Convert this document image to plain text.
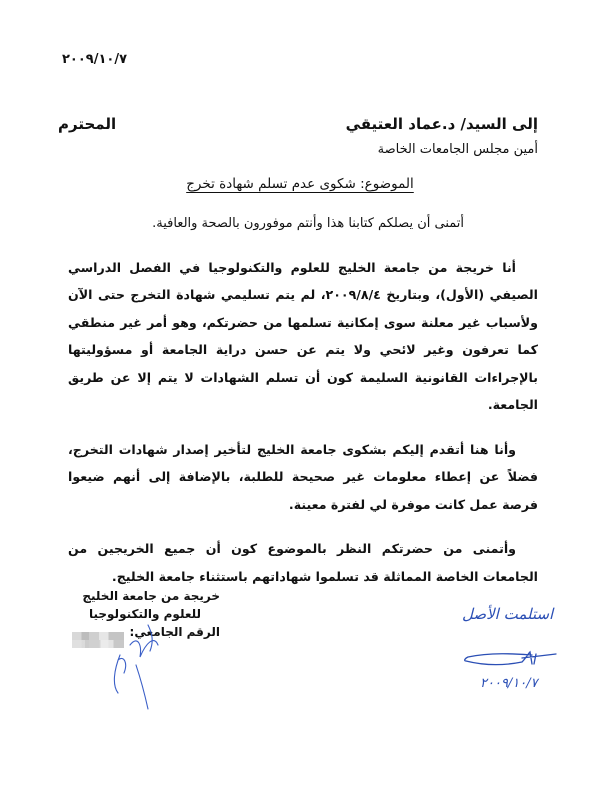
٢٠٠٩/١٠/٧
إلى السيد/ د.عماد العتيقي
المحترم
أمين مجلس الجامعات الخاصة
الموضوع: شكوى عدم تسلم شهادة تخرج

أتمنى أن يصلكم كتابنا هذا وأنتم موفورون بالصحة والعافية.

أنا خريجة من جامعة الخليج للعلوم والتكنولوجيا في الفصل الدراسي الصيفي (الأول)، وبتاريخ ٢٠٠٩/٨/٤، لم يتم تسليمي شهادة التخرج حتى الآن ولأسباب غير معلنة سوى إمكانية تسلمها من حضرتكم، وهو أمر غير منطقي كما تعرفون وغير لائحي ولا يتم عن حسن دراية الجامعة أو مسؤوليتها بالإجراءات القانونية السليمة كون أن تسلم الشهادات لا يتم إلا عن طريق الجامعة.

وأنا هنا أتقدم إليكم بشكوى جامعة الخليج لتأخير إصدار شهادات التخرج، فضلاً عن إعطاء معلومات غير صحيحة للطلبة، بالإضافة إلى أنهم ضيعوا فرصة عمل كانت موفرة لي لفترة معينة.

وأتمنى من حضرتكم النظر بالموضوع كون أن جميع الخريجين من الجامعات الخاصة المماثلة قد تسلموا شهاداتهم باستثناء جامعة الخليج.

خريجة من جامعة الخليج
للعلوم والتكنولوجيا
الرقم الجامعي:
استلمت الأصل
٢٠٠٩/١٠/٧
